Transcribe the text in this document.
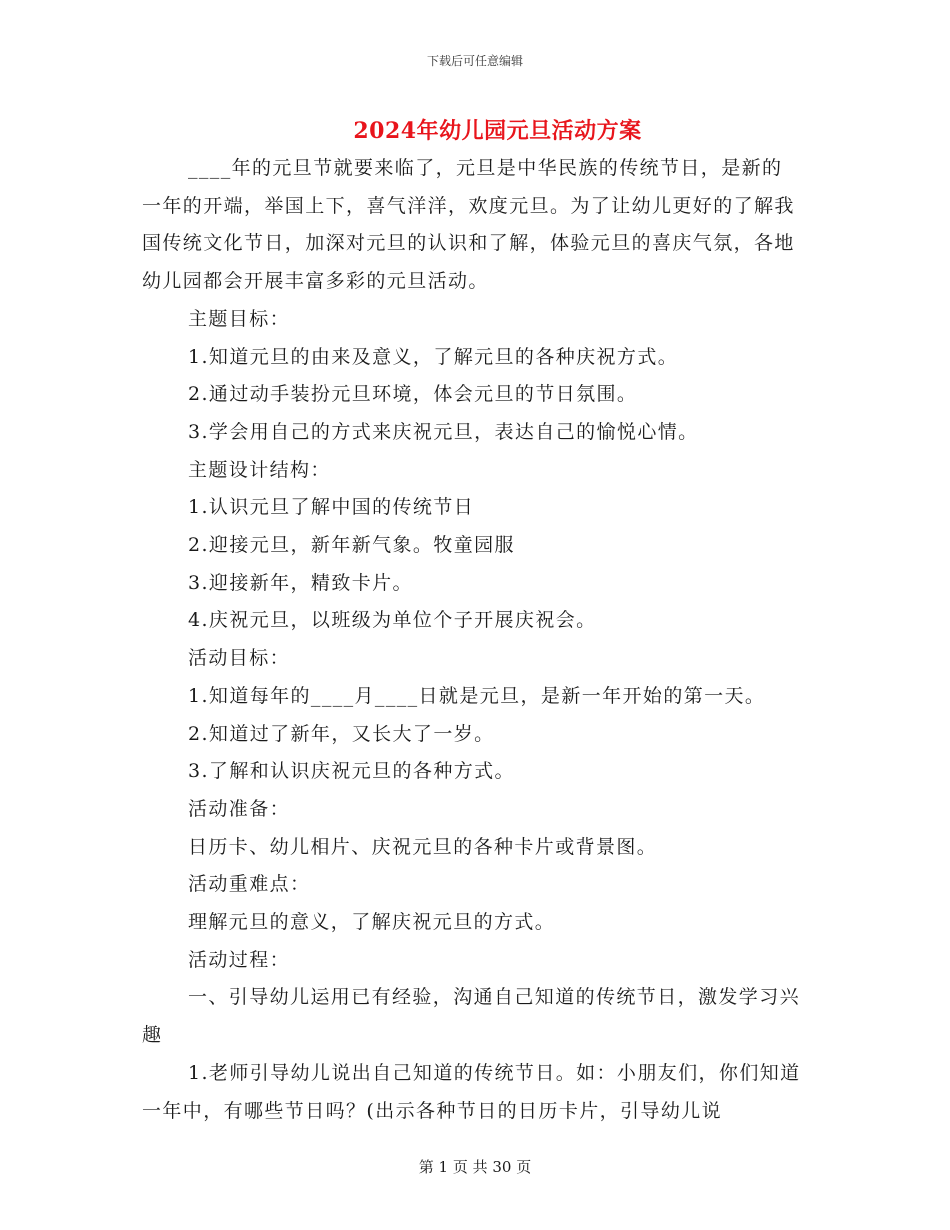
下载后可任意编辑
2024年幼儿园元旦活动方案

____年的元旦节就要来临了，元旦是中华民族的传统节日，是新的一年的开端，举国上下，喜气洋洋，欢度元旦。为了让幼儿更好的了解我国传统文化节日，加深对元旦的认识和了解，体验元旦的喜庆气氛，各地幼儿园都会开展丰富多彩的元旦活动。

主题目标：

1.知道元旦的由来及意义，了解元旦的各种庆祝方式。

2.通过动手装扮元旦环境，体会元旦的节日氛围。

3.学会用自己的方式来庆祝元旦，表达自己的愉悦心情。

主题设计结构：

1.认识元旦了解中国的传统节日

2.迎接元旦，新年新气象。牧童园服

3.迎接新年，精致卡片。

4.庆祝元旦，以班级为单位个子开展庆祝会。

活动目标：

1.知道每年的____月____日就是元旦，是新一年开始的第一天。

2.知道过了新年，又长大了一岁。

3.了解和认识庆祝元旦的各种方式。

活动准备：

日历卡、幼儿相片、庆祝元旦的各种卡片或背景图。

活动重难点：

理解元旦的意义，了解庆祝元旦的方式。

活动过程：

一、引导幼儿运用已有经验，沟通自己知道的传统节日，激发学习兴趣

1.老师引导幼儿说出自己知道的传统节日。如：小朋友们，你们知道一年中，有哪些节日吗？(出示各种节日的日历卡片，引导幼儿说

第 1 页 共 30 页
